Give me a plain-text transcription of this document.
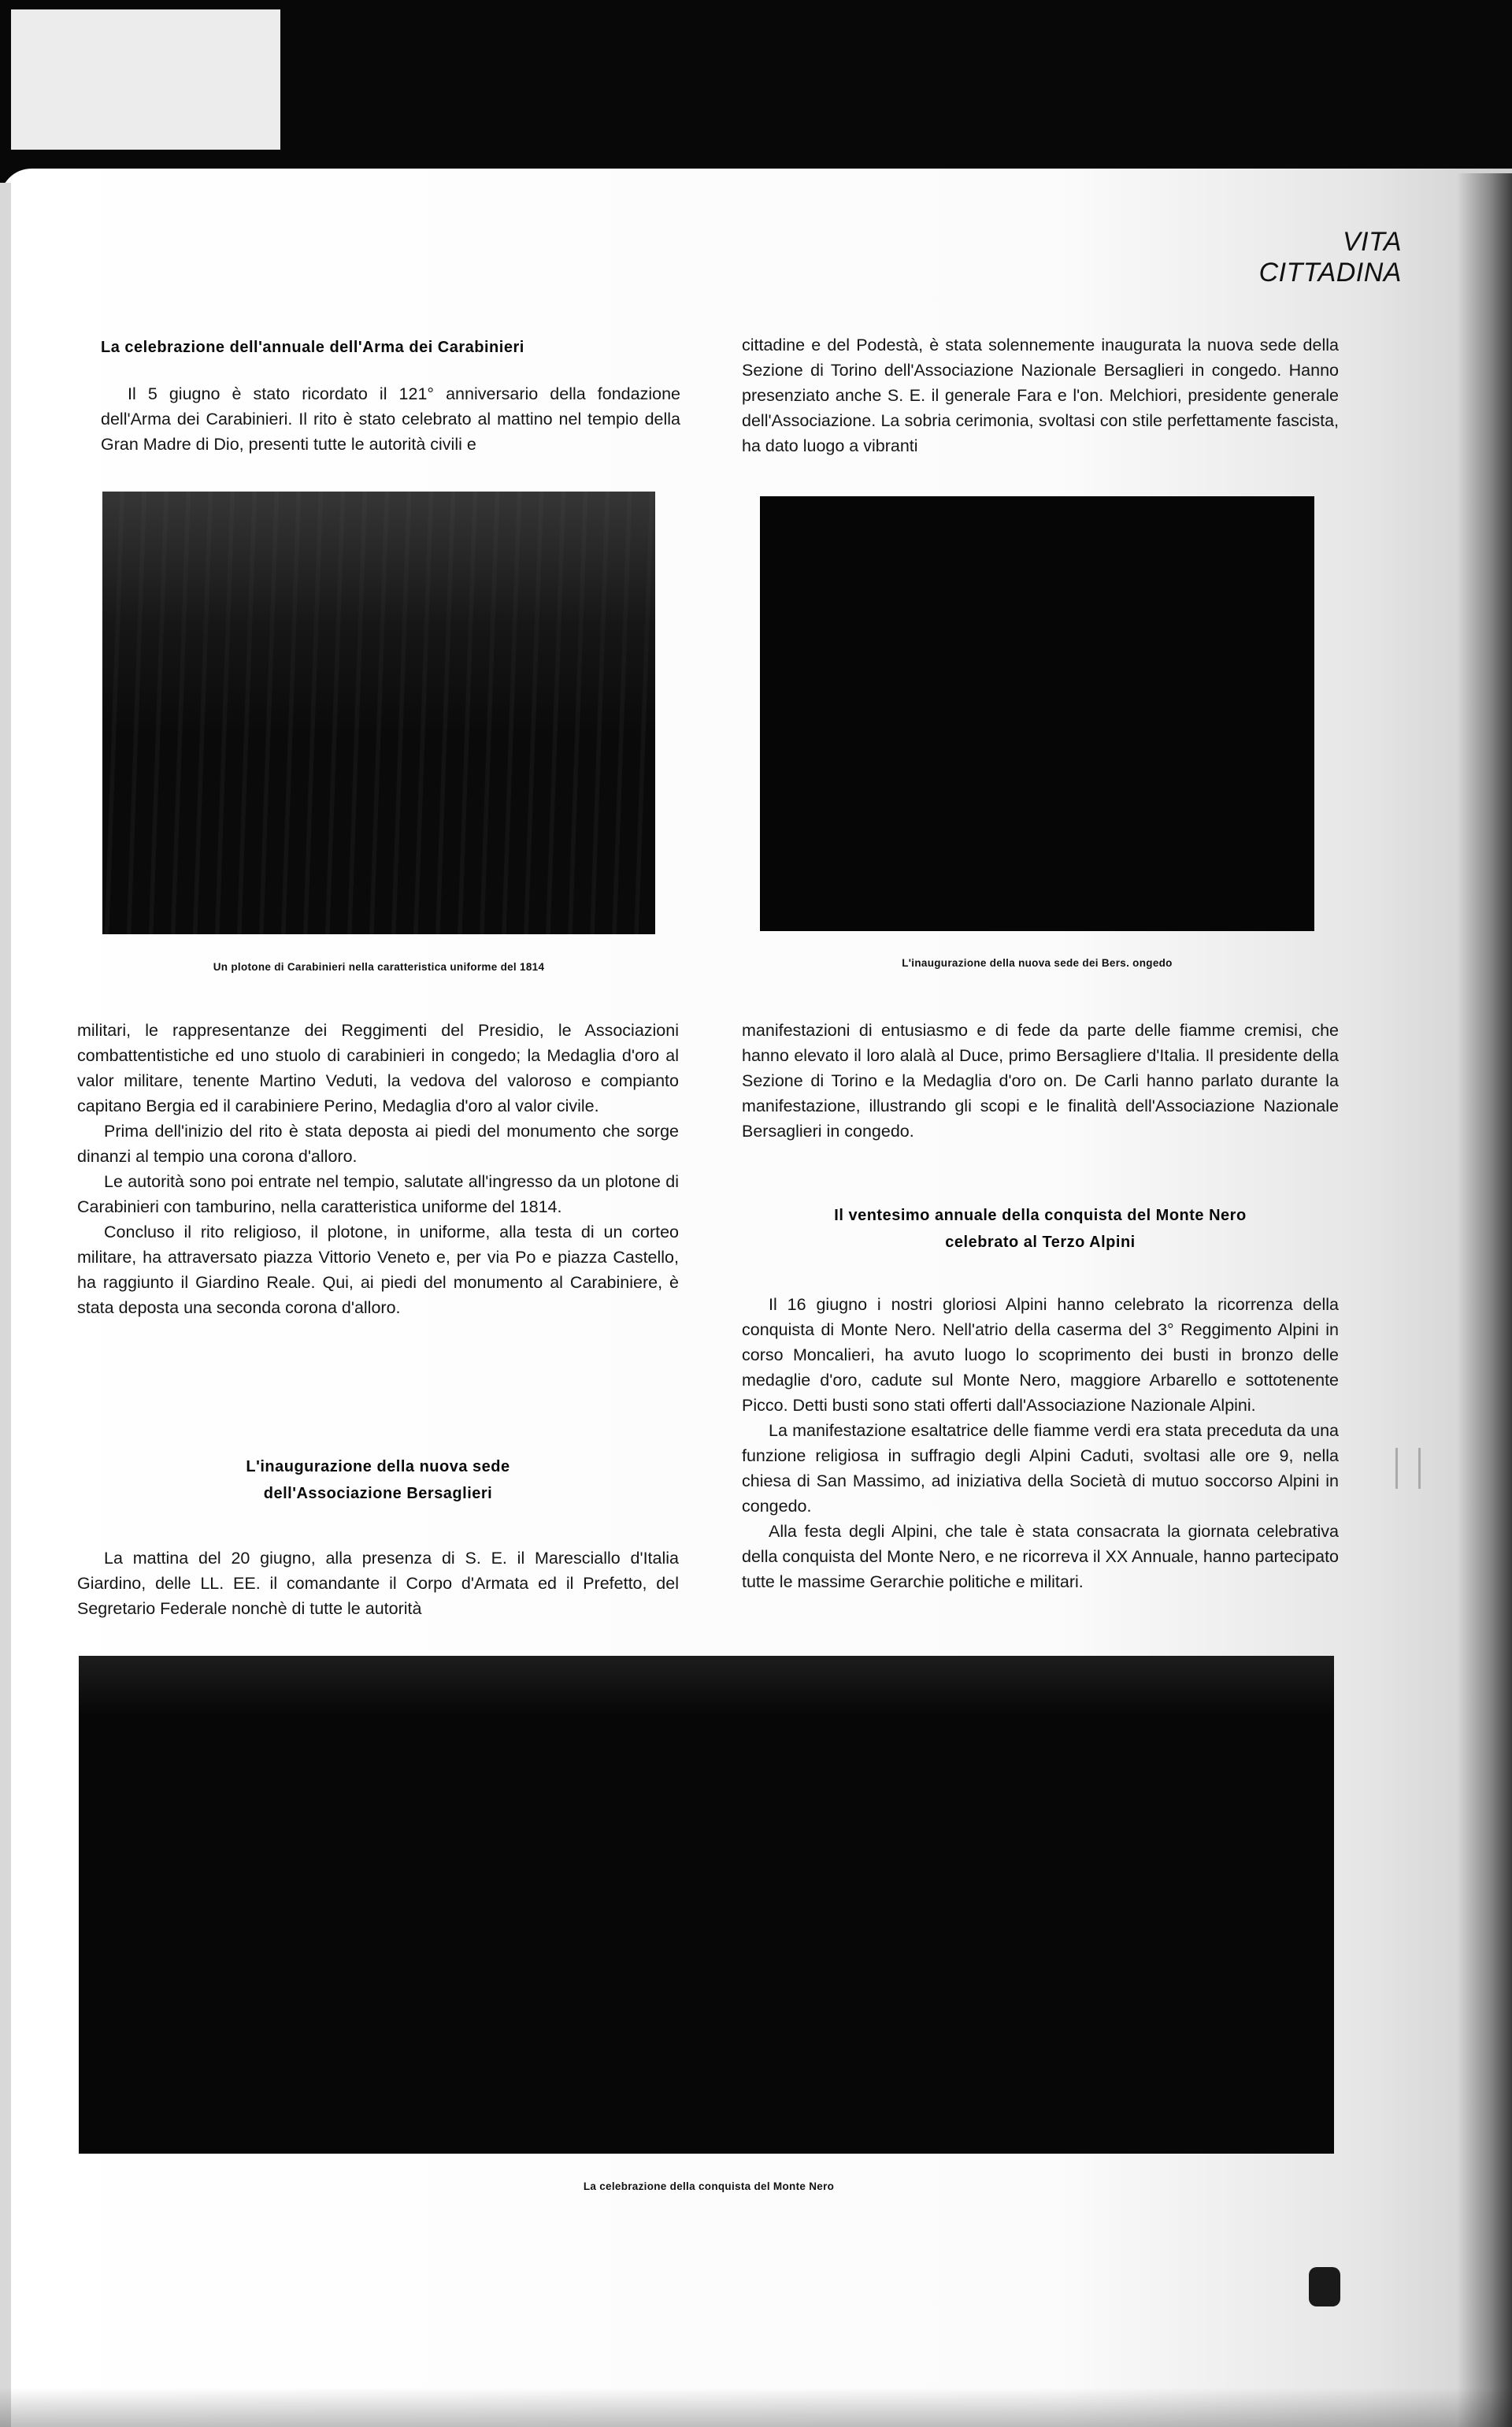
VITA CITTADINA
La celebrazione dell'annuale dell'Arma dei Carabinieri

Il 5 giugno è stato ricordato il 121° anniversario della fondazione dell'Arma dei Carabinieri. Il rito è stato celebrato al mattino nel tempio della Gran Madre di Dio, presenti tutte le autorità civili e

cittadine e del Podestà, è stata solennemente inaugurata la nuova sede della Sezione di Torino dell'Associazione Nazionale Bersaglieri in congedo. Hanno presenziato anche S. E. il generale Fara e l'on. Melchiori, presidente generale dell'Associazione. La sobria cerimonia, svoltasi con stile perfettamente fascista, ha dato luogo a vibranti

Un plotone di Carabinieri nella caratteristica uniforme del 1814	L'inaugurazione della nuova sede dei Bers. ongedo

militari, le rappresentanze dei Reggimenti del Presidio, le Associazioni combattentistiche ed uno stuolo di carabinieri in congedo; la Medaglia d'oro al valor militare, tenente Martino Veduti, la vedova del valoroso e compianto capitano Bergia ed il carabiniere Perino, Medaglia d'oro al valor civile.

Prima dell'inizio del rito è stata deposta ai piedi del monumento che sorge dinanzi al tempio una corona d'alloro.

Le autorità sono poi entrate nel tempio, salutate all'ingresso da un plotone di Carabinieri con tamburino, nella caratteristica uniforme del 1814.

Concluso il rito religioso, il plotone, in uniforme, alla testa di un corteo militare, ha attraversato piazza Vittorio Veneto e, per via Po e piazza Castello, ha raggiunto il Giardino Reale. Qui, ai piedi del monumento al Carabiniere, è stata deposta una seconda corona d'alloro.

L'inaugurazione della nuova sede
dell'Associazione Bersaglieri

La mattina del 20 giugno, alla presenza di S. E. il Maresciallo d'Italia Giardino, delle LL. EE. il comandante il Corpo d'Armata ed il Prefetto, del Segretario Federale nonchè di tutte le autorità

manifestazioni di entusiasmo e di fede da parte delle fiamme cremisi, che hanno elevato il loro alalà al Duce, primo Bersagliere d'Italia. Il presidente della Sezione di Torino e la Medaglia d'oro on. De Carli hanno parlato durante la manifestazione, illustrando gli scopi e le finalità dell'Associazione Nazionale Bersaglieri in congedo.

Il ventesimo annuale della conquista del Monte Nero
celebrato al Terzo Alpini

Il 16 giugno i nostri gloriosi Alpini hanno celebrato la ricorrenza della conquista di Monte Nero. Nell'atrio della caserma del 3° Reggimento Alpini in corso Moncalieri, ha avuto luogo lo scoprimento dei busti in bronzo delle medaglie d'oro, cadute sul Monte Nero, maggiore Arbarello e sottotenente Picco. Detti busti sono stati offerti dall'Associazione Nazionale Alpini.

La manifestazione esaltatrice delle fiamme verdi era stata preceduta da una funzione religiosa in suffragio degli Alpini Caduti, svoltasi alle ore 9, nella chiesa di San Massimo, ad iniziativa della Società di mutuo soccorso Alpini in congedo.

Alla festa degli Alpini, che tale è stata consacrata la giornata celebrativa della conquista del Monte Nero, e ne ricorreva il XX Annuale, hanno partecipato tutte le massime Gerarchie politiche e militari.

La celebrazione della conquista del Monte Nero
